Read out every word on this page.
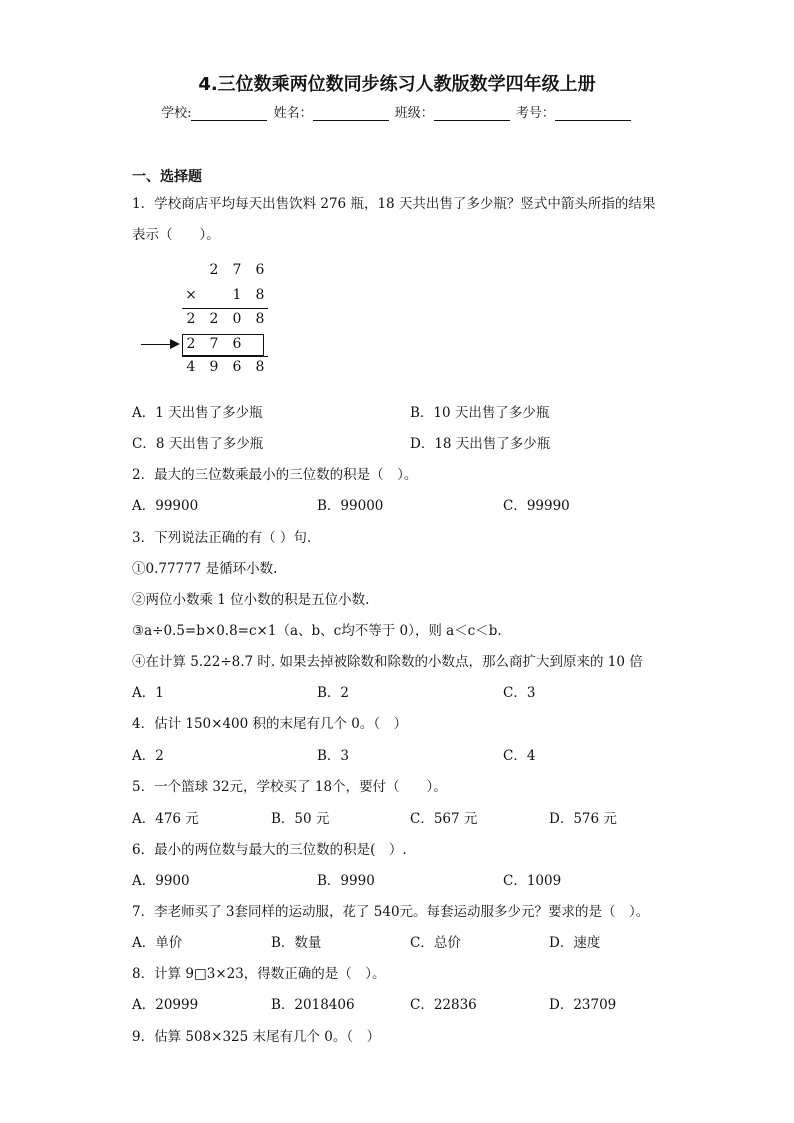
4.三位数乘两位数同步练习人教版数学四年级上册
学校:	姓名：	班级：	考号：
一、选择题
1．学校商店平均每天出售饮料 276 瓶，18 天共出售了多少瓶？竖式中箭头所指的结果
表示（　　）。
2 7 6
×	1 8
2 2 0 8
2 7 6
4 9 6 8
A．1 天出售了多少瓶	B．10 天出售了多少瓶
C．8 天出售了多少瓶	D．18 天出售了多少瓶
2．最大的三位数乘最小的三位数的积是（　）。
A．99900	B．99000	C．99990
3．下列说法正确的有（ ）句.
①0.77777 是循环小数.
②两位小数乘 1 位小数的积是五位小数.
③a÷0.5=b×0.8=c×1（a、b、c均不等于 0），则 a＜c＜b.
④在计算 5.22÷8.7 时. 如果去掉被除数和除数的小数点，那么商扩大到原来的 10 倍
A．1	B．2	C．3
4．估计 150×400 积的末尾有几个 0。（　）
A．2	B．3	C．4
5．一个篮球 32元，学校买了 18个，要付（　　）。
A．476 元	B．50 元	C．567 元	D．576 元
6．最小的两位数与最大的三位数的积是(　）.
A．9900	B．9990	C．1009
7．李老师买了 3套同样的运动服，花了 540元。每套运动服多少元？要求的是（　）。
A．单价	B．数量	C．总价	D．速度
8．计算 9□3×23，得数正确的是（　）。
A．20999	B．2018406	C．22836	D．23709
9．估算 508×325 末尾有几个 0。（　）
